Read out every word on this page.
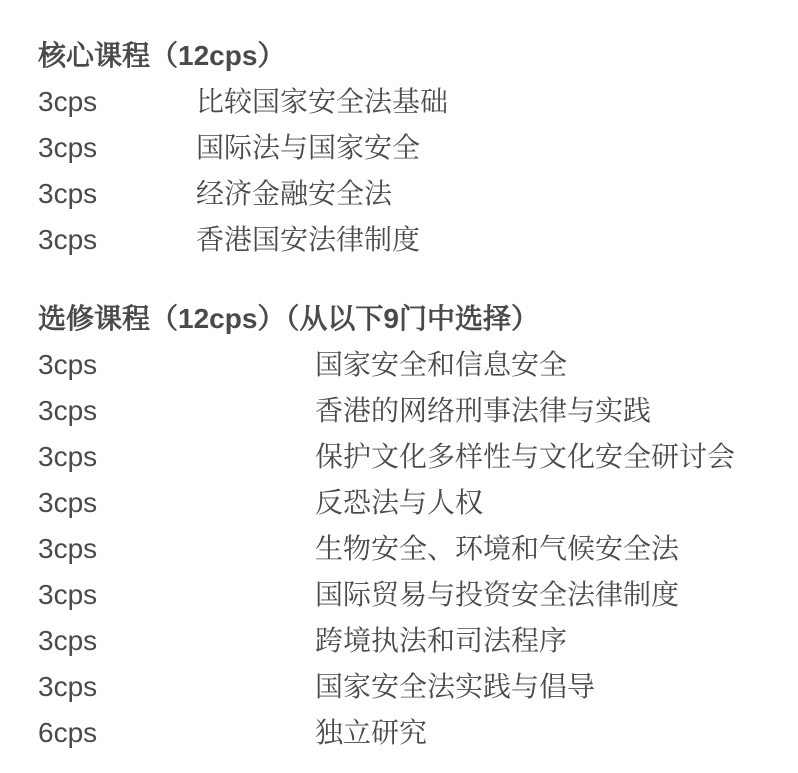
核心课程（12cps）
3cps	比较国家安全法基础
3cps	国际法与国家安全
3cps	经济金融安全法
3cps	香港国安法律制度
选修课程（12cps）（从以下9门中选择）
3cps	国家安全和信息安全
3cps	香港的网络刑事法律与实践
3cps	保护文化多样性与文化安全研讨会
3cps	反恐法与人权
3cps	生物安全、环境和气候安全法
3cps	国际贸易与投资安全法律制度
3cps	跨境执法和司法程序
3cps	国家安全法实践与倡导
6cps	独立研究
